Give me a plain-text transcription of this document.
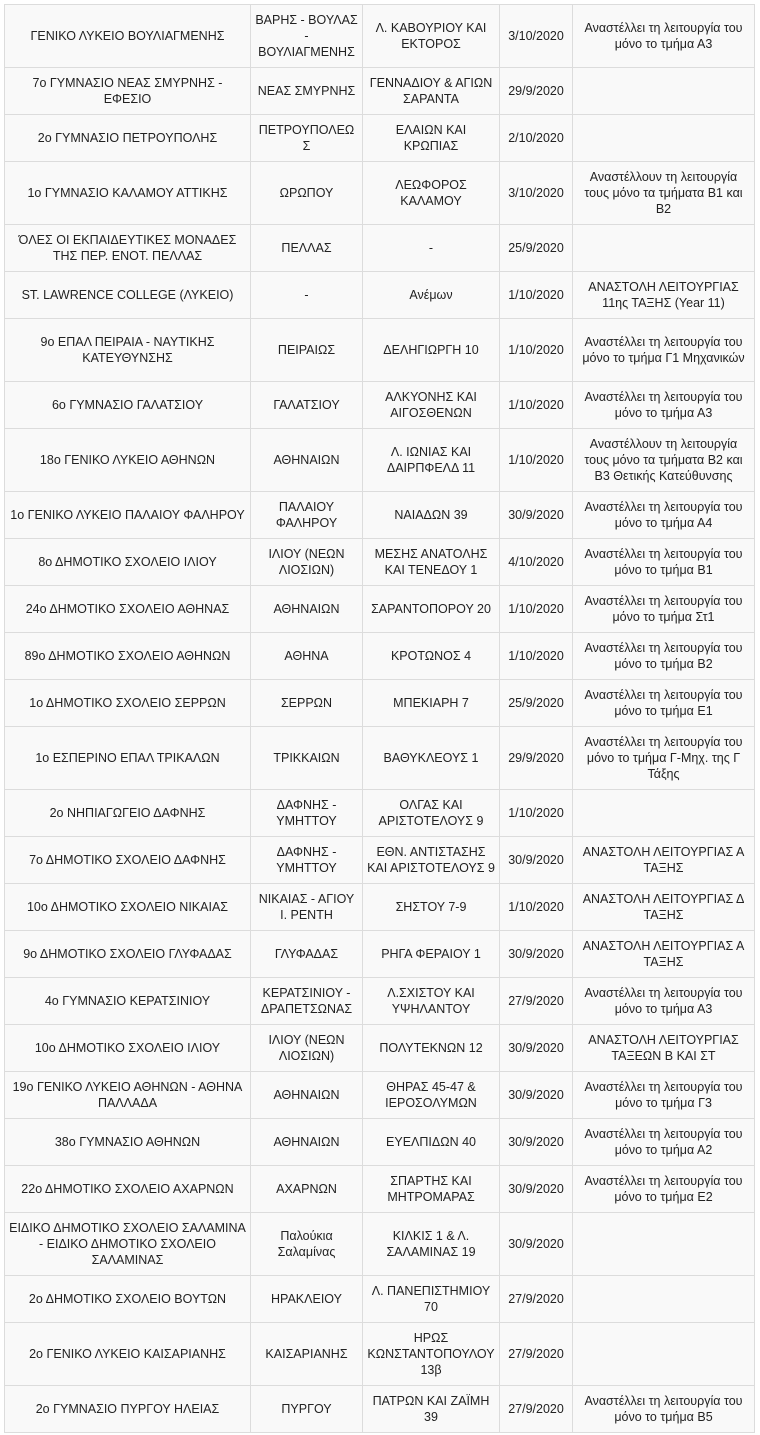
ΓΕΝΙΚΟ ΛΥΚΕΙΟ ΒΟΥΛΙΑΓΜΕΝΗΣ	ΒΑΡΗΣ - ΒΟΥΛΑΣ - ΒΟΥΛΙΑΓΜΕΝΗΣ	Λ. ΚΑΒΟΥΡΙΟΥ ΚΑΙ ΕΚΤΟΡΟΣ	3/10/2020	Αναστέλλει τη λειτουργία του μόνο το τμήμα Α3
7ο ΓΥΜΝΑΣΙΟ ΝΕΑΣ ΣΜΥΡΝΗΣ - ΕΦΕΣΙΟ	ΝΕΑΣ ΣΜΥΡΝΗΣ	ΓΕΝΝΑΔΙΟΥ & ΑΓΙΩΝ ΣΑΡΑΝΤΑ	29/9/2020	
2ο ΓΥΜΝΑΣΙΟ ΠΕΤΡΟΥΠΟΛΗΣ	ΠΕΤΡΟΥΠΟΛΕΩΣ	ΕΛΑΙΩΝ ΚΑΙ ΚΡΩΠΙΑΣ	2/10/2020	
1ο ΓΥΜΝΑΣΙΟ ΚΑΛΑΜΟΥ ΑΤΤΙΚΗΣ	ΩΡΩΠΟΥ	ΛΕΩΦΟΡΟΣ ΚΑΛΑΜΟΥ	3/10/2020	Αναστέλλουν τη λειτουργία τους μόνο τα τμήματα Β1 και Β2
ΌΛΕΣ ΟΙ ΕΚΠΑΙΔΕΥΤΙΚΕΣ ΜΟΝΑΔΕΣ ΤΗΣ ΠΕΡ. ΕΝΟΤ. ΠΕΛΛΑΣ	ΠΕΛΛΑΣ	-	25/9/2020	
ST. LAWRENCE COLLEGE (ΛΥΚΕΙΟ)	-	Ανέμων	1/10/2020	ΑΝΑΣΤΟΛΗ ΛΕΙΤΟΥΡΓΙΑΣ 11ης ΤΑΞΗΣ (Year 11)
9ο ΕΠΑΛ ΠΕΙΡΑΙΑ - ΝΑΥΤΙΚΗΣ ΚΑΤΕΥΘΥΝΣΗΣ	ΠΕΙΡΑΙΩΣ	ΔΕΛΗΓΙΩΡΓΗ 10	1/10/2020	Αναστέλλει τη λειτουργία του μόνο το τμήμα Γ1 Μηχανικών
6ο ΓΥΜΝΑΣΙΟ ΓΑΛΑΤΣΙΟΥ	ΓΑΛΑΤΣΙΟΥ	ΑΛΚΥΟΝΗΣ ΚΑΙ ΑΙΓΟΣΘΕΝΩΝ	1/10/2020	Αναστέλλει τη λειτουργία του μόνο το τμήμα Α3
18ο ΓΕΝΙΚΟ ΛΥΚΕΙΟ ΑΘΗΝΩΝ	ΑΘΗΝΑΙΩΝ	Λ. ΙΩΝΙΑΣ ΚΑΙ ΔΑΙΡΠΦΕΛΔ 11	1/10/2020	Αναστέλλουν τη λειτουργία τους μόνο τα τμήματα Β2 και Β3 Θετικής Κατεύθυνσης
1ο ΓΕΝΙΚΟ ΛΥΚΕΙΟ ΠΑΛΑΙΟΥ ΦΑΛΗΡΟΥ	ΠΑΛΑΙΟΥ ΦΑΛΗΡΟΥ	ΝΑΙΑΔΩΝ 39	30/9/2020	Αναστέλλει τη λειτουργία του μόνο το τμήμα Α4
8ο ΔΗΜΟΤΙΚΟ ΣΧΟΛΕΙΟ ΙΛΙΟΥ	ΙΛΙΟΥ (ΝΕΩΝ ΛΙΟΣΙΩΝ)	ΜΕΣΗΣ ΑΝΑΤΟΛΗΣ ΚΑΙ ΤΕΝΕΔΟΥ 1	4/10/2020	Αναστέλλει τη λειτουργία του μόνο το τμήμα Β1
24ο ΔΗΜΟΤΙΚΟ ΣΧΟΛΕΙΟ ΑΘΗΝΑΣ	ΑΘΗΝΑΙΩΝ	ΣΑΡΑΝΤΟΠΟΡΟΥ 20	1/10/2020	Αναστέλλει τη λειτουργία του μόνο το τμήμα Στ1
89ο ΔΗΜΟΤΙΚΟ ΣΧΟΛΕΙΟ ΑΘΗΝΩΝ	ΑΘΗΝΑ	ΚΡΟΤΩΝΟΣ 4	1/10/2020	Αναστέλλει τη λειτουργία του μόνο το τμήμα Β2
1ο ΔΗΜΟΤΙΚΟ ΣΧΟΛΕΙΟ ΣΕΡΡΩΝ	ΣΕΡΡΩΝ	ΜΠΕΚΙΑΡΗ 7	25/9/2020	Αναστέλλει τη λειτουργία του μόνο το τμήμα Ε1
1ο ΕΣΠΕΡΙΝΟ ΕΠΑΛ ΤΡΙΚΑΛΩΝ	ΤΡΙΚΚΑΙΩΝ	ΒΑΘΥΚΛΕΟΥΣ 1	29/9/2020	Αναστέλλει τη λειτουργία του μόνο το τμήμα Γ-Μηχ. της Γ Τάξης
2ο ΝΗΠΙΑΓΩΓΕΙΟ ΔΑΦΝΗΣ	ΔΑΦΝΗΣ - ΥΜΗΤΤΟΥ	ΟΛΓΑΣ ΚΑΙ ΑΡΙΣΤΟΤΕΛΟΥΣ 9	1/10/2020	
7ο ΔΗΜΟΤΙΚΟ ΣΧΟΛΕΙΟ ΔΑΦΝΗΣ	ΔΑΦΝΗΣ - ΥΜΗΤΤΟΥ	ΕΘΝ. ΑΝΤΙΣΤΑΣΗΣ ΚΑΙ ΑΡΙΣΤΟΤΕΛΟΥΣ 9	30/9/2020	ΑΝΑΣΤΟΛΗ ΛΕΙΤΟΥΡΓΙΑΣ Α ΤΑΞΗΣ
10ο ΔΗΜΟΤΙΚΟ ΣΧΟΛΕΙΟ ΝΙΚΑΙΑΣ	ΝΙΚΑΙΑΣ - ΑΓΙΟΥ Ι. ΡΕΝΤΗ	ΣΗΣΤΟΥ 7-9	1/10/2020	ΑΝΑΣΤΟΛΗ ΛΕΙΤΟΥΡΓΙΑΣ Δ ΤΑΞΗΣ
9ο ΔΗΜΟΤΙΚΟ ΣΧΟΛΕΙΟ ΓΛΥΦΑΔΑΣ	ΓΛΥΦΑΔΑΣ	ΡΗΓΑ ΦΕΡΑΙΟΥ 1	30/9/2020	ΑΝΑΣΤΟΛΗ ΛΕΙΤΟΥΡΓΙΑΣ Α ΤΑΞΗΣ
4ο ΓΥΜΝΑΣΙΟ ΚΕΡΑΤΣΙΝΙΟΥ	ΚΕΡΑΤΣΙΝΙΟΥ - ΔΡΑΠΕΤΣΩΝΑΣ	Λ.ΣΧΙΣΤΟΥ ΚΑΙ ΥΨΗΛΑΝΤΟΥ	27/9/2020	Αναστέλλει τη λειτουργία του μόνο το τμήμα Α3
10ο ΔΗΜΟΤΙΚΟ ΣΧΟΛΕΙΟ ΙΛΙΟΥ	ΙΛΙΟΥ (ΝΕΩΝ ΛΙΟΣΙΩΝ)	ΠΟΛΥΤΕΚΝΩΝ 12	30/9/2020	ΑΝΑΣΤΟΛΗ ΛΕΙΤΟΥΡΓΙΑΣ ΤΑΞΕΩΝ Β ΚΑΙ ΣΤ
19ο ΓΕΝΙΚΟ ΛΥΚΕΙΟ ΑΘΗΝΩΝ - ΑΘΗΝΑ ΠΑΛΛΑΔΑ	ΑΘΗΝΑΙΩΝ	ΘΗΡΑΣ 45-47 & ΙΕΡΟΣΟΛΥΜΩΝ	30/9/2020	Αναστέλλει τη λειτουργία του μόνο το τμήμα Γ3
38ο ΓΥΜΝΑΣΙΟ ΑΘΗΝΩΝ	ΑΘΗΝΑΙΩΝ	ΕΥΕΛΠΙΔΩΝ 40	30/9/2020	Αναστέλλει τη λειτουργία του μόνο το τμήμα Α2
22ο ΔΗΜΟΤΙΚΟ ΣΧΟΛΕΙΟ ΑΧΑΡΝΩΝ	ΑΧΑΡΝΩΝ	ΣΠΑΡΤΗΣ ΚΑΙ ΜΗΤΡΟΜΑΡΑΣ	30/9/2020	Αναστέλλει τη λειτουργία του μόνο το τμήμα Ε2
ΕΙΔΙΚΟ ΔΗΜΟΤΙΚΟ ΣΧΟΛΕΙΟ ΣΑΛΑΜΙΝΑ - ΕΙΔΙΚΟ ΔΗΜΟΤΙΚΟ ΣΧΟΛΕΙΟ ΣΑΛΑΜΙΝΑΣ	Παλούκια Σαλαμίνας	ΚΙΛΚΙΣ 1 & Λ. ΣΑΛΑΜΙΝΑΣ 19	30/9/2020	
2ο ΔΗΜΟΤΙΚΟ ΣΧΟΛΕΙΟ ΒΟΥΤΩΝ	ΗΡΑΚΛΕΙΟΥ	Λ. ΠΑΝΕΠΙΣΤΗΜΙΟΥ 70	27/9/2020	
2ο ΓΕΝΙΚΟ ΛΥΚΕΙΟ ΚΑΙΣΑΡΙΑΝΗΣ	ΚΑΙΣΑΡΙΑΝΗΣ	ΗΡΩΣ ΚΩΝΣΤΑΝΤΟΠΟΥΛΟΥ 13β	27/9/2020	
2ο ΓΥΜΝΑΣΙΟ ΠΥΡΓΟΥ ΗΛΕΙΑΣ	ΠΥΡΓΟΥ	ΠΑΤΡΩΝ ΚΑΙ ΖΑΪΜΗ 39	27/9/2020	Αναστέλλει τη λειτουργία του μόνο το τμήμα Β5
